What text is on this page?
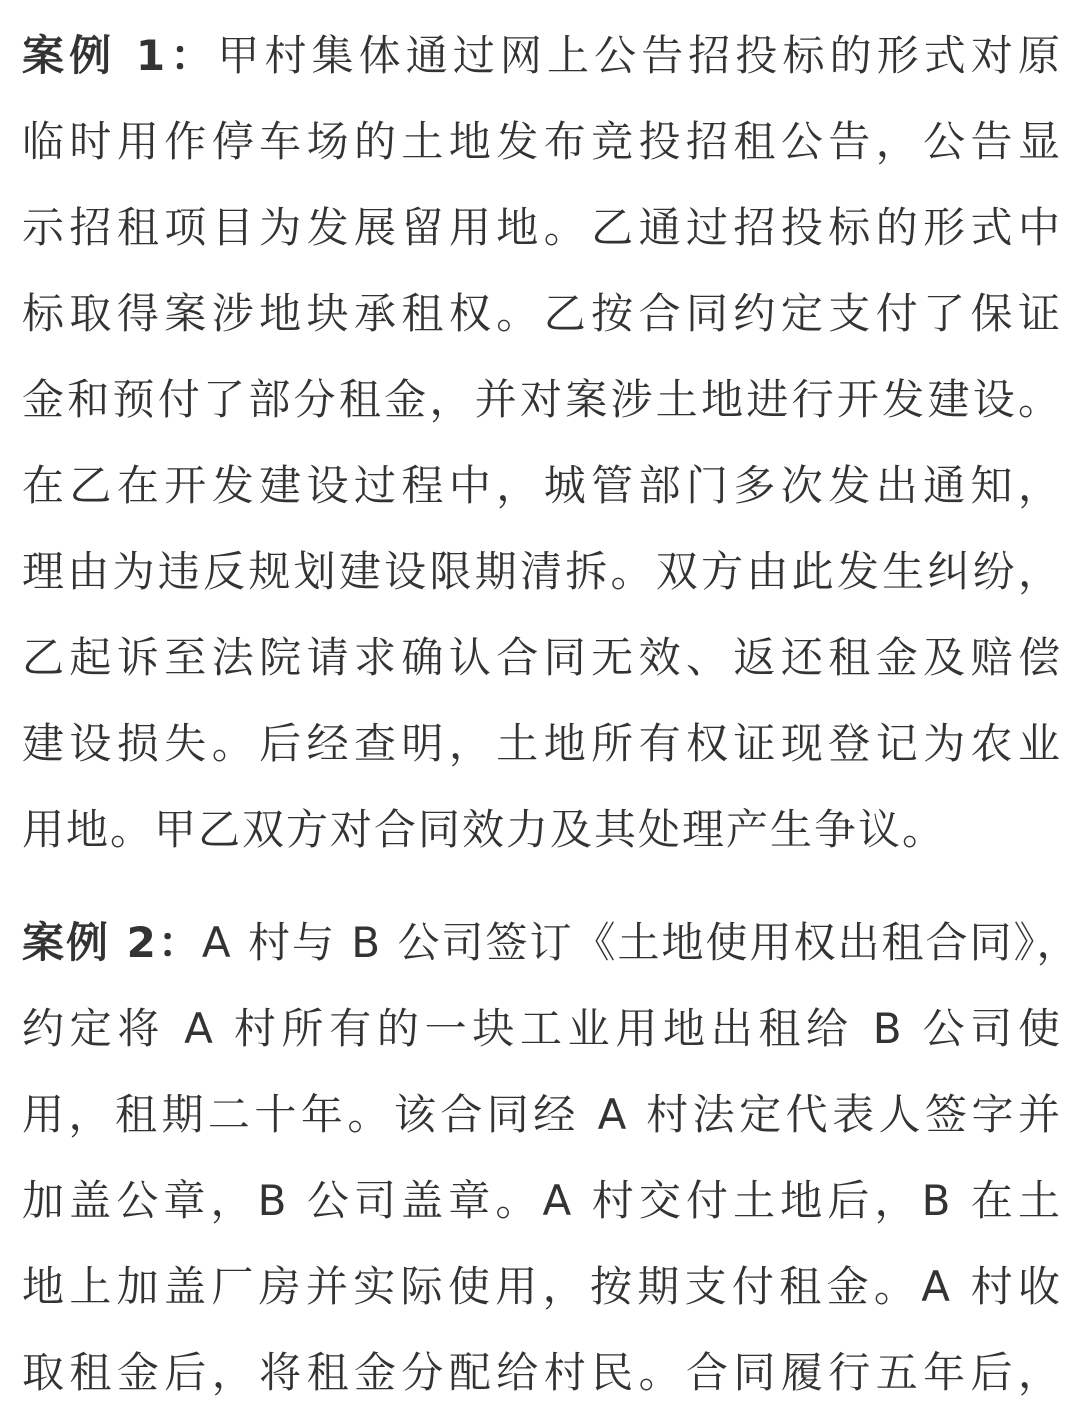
案例 1：甲村集体通过网上公告招投标的形式对原
临时用作停车场的土地发布竞投招租公告，公告显
示招租项目为发展留用地。乙通过招投标的形式中
标取得案涉地块承租权。乙按合同约定支付了保证
金和预付了部分租金，并对案涉土地进行开发建设。
在乙在开发建设过程中，城管部门多次发出通知，
理由为违反规划建设限期清拆。双方由此发生纠纷，
乙起诉至法院请求确认合同无效、返还租金及赔偿
建设损失。后经查明，土地所有权证现登记为农业
用地。甲乙双方对合同效力及其处理产生争议。
案例 2：A 村与 B 公司签订《土地使用权出租合同》，
约定将 A 村所有的一块工业用地出租给 B 公司使
用，租期二十年。该合同经 A 村法定代表人签字并
加盖公章，B 公司盖章。A 村交付土地后，B 在土
地上加盖厂房并实际使用，按期支付租金。A 村收
取租金后，将租金分配给村民。合同履行五年后，
